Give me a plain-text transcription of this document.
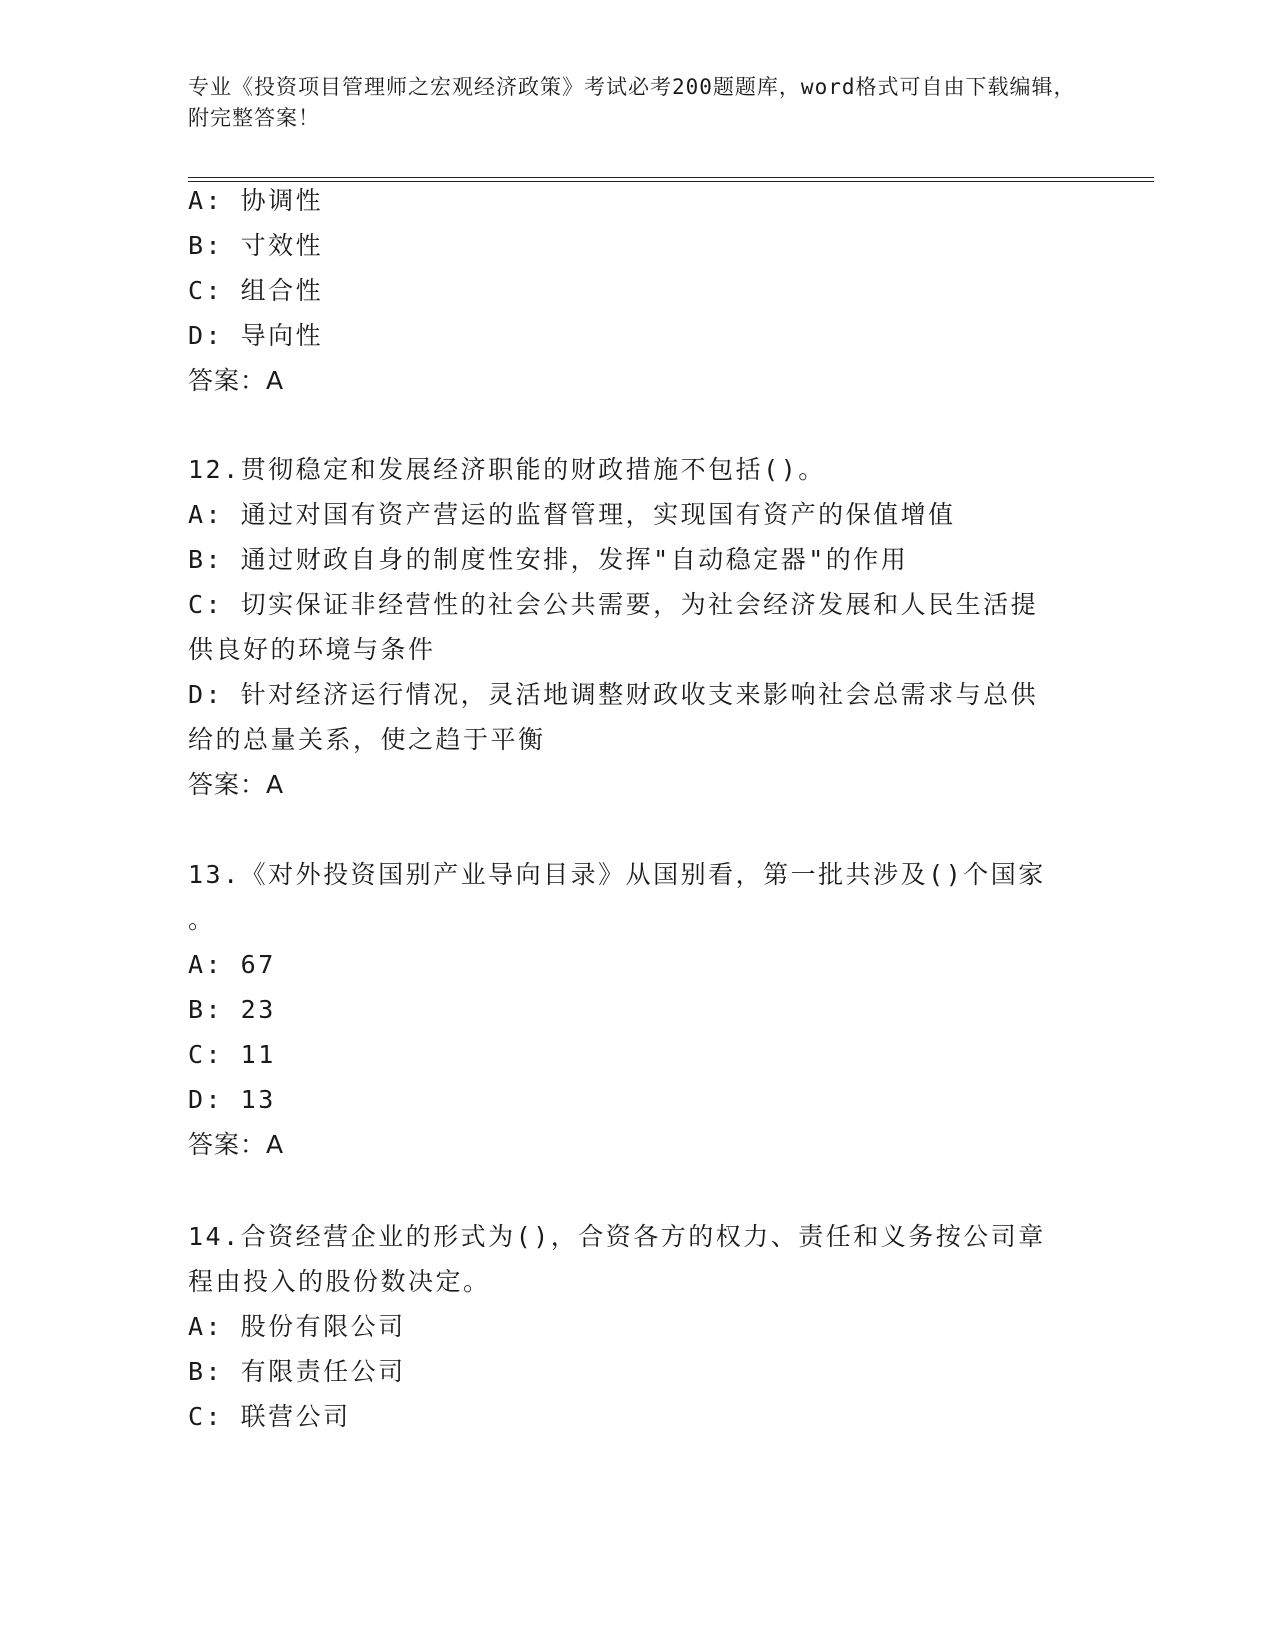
专业《投资项目管理师之宏观经济政策》考试必考200题题库，word格式可自由下载编辑，附完整答案！
A: 协调性
B: 寸效性
C: 组合性
D: 导向性
答案：A
12.贯彻稳定和发展经济职能的财政措施不包括()。
A: 通过对国有资产营运的监督管理，实现国有资产的保值增值
B: 通过财政自身的制度性安排，发挥"自动稳定器"的作用
C: 切实保证非经营性的社会公共需要，为社会经济发展和人民生活提
供良好的环境与条件
D: 针对经济运行情况，灵活地调整财政收支来影响社会总需求与总供
给的总量关系，使之趋于平衡
答案：A
13.《对外投资国别产业导向目录》从国别看，第一批共涉及()个国家
。
A: 67
B: 23
C: 11
D: 13
答案：A
14.合资经营企业的形式为()，合资各方的权力、责任和义务按公司章
程由投入的股份数决定。
A: 股份有限公司
B: 有限责任公司
C: 联营公司
